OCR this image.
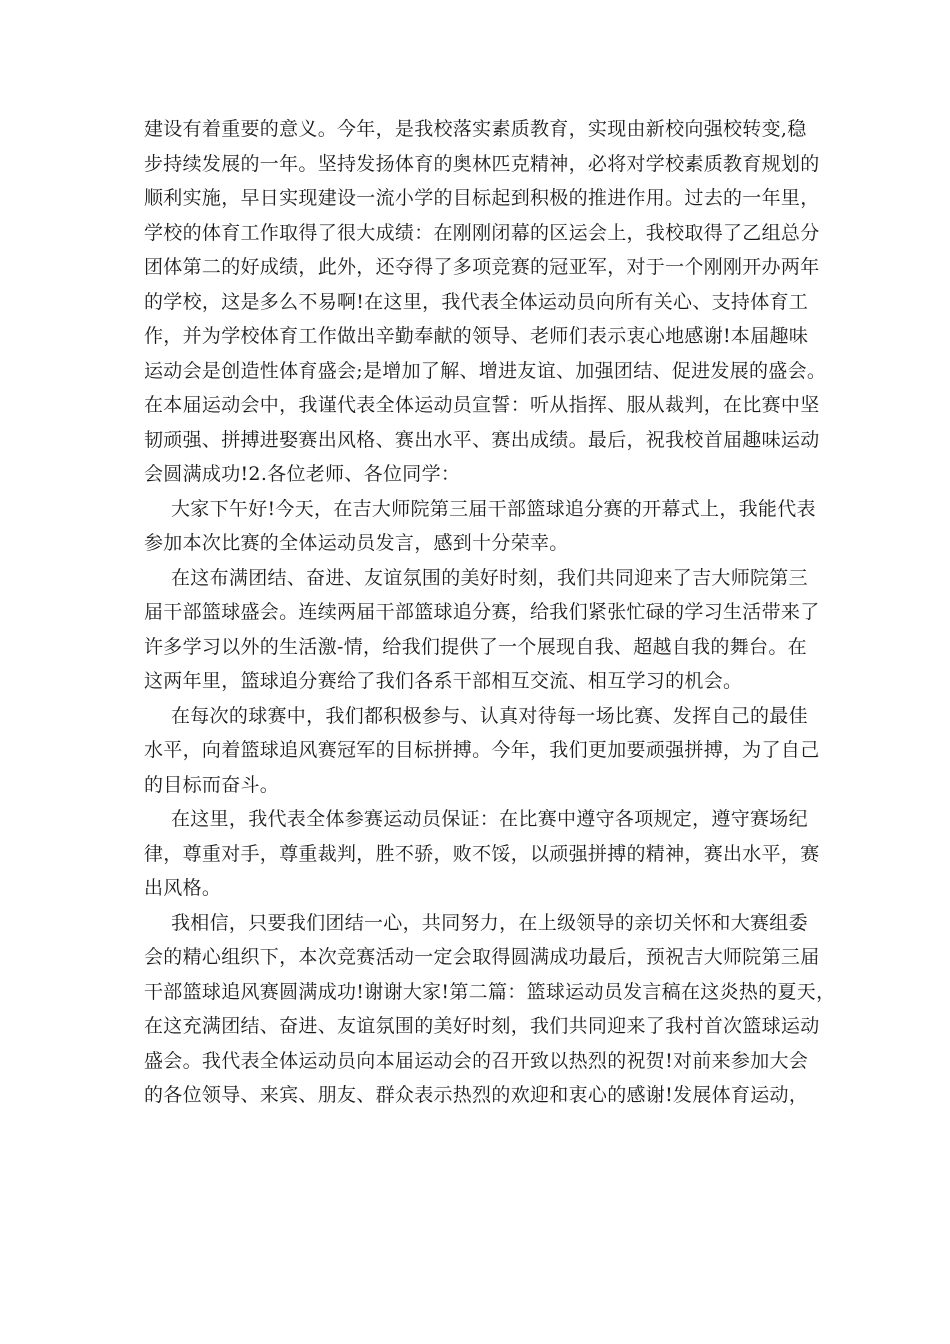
建设有着重要的意义。今年，是我校落实素质教育，实现由新校向强校转变,稳
步持续发展的一年。坚持发扬体育的奥林匹克精神，必将对学校素质教育规划的
顺利实施，早日实现建设一流小学的目标起到积极的推进作用。过去的一年里，
学校的体育工作取得了很大成绩：在刚刚闭幕的区运会上，我校取得了乙组总分
团体第二的好成绩，此外，还夺得了多项竞赛的冠亚军，对于一个刚刚开办两年
的学校，这是多么不易啊!在这里，我代表全体运动员向所有关心、支持体育工
作，并为学校体育工作做出辛勤奉献的领导、老师们表示衷心地感谢!本届趣味
运动会是创造性体育盛会;是增加了解、增进友谊、加强团结、促进发展的盛会。
在本届运动会中，我谨代表全体运动员宣誓：听从指挥、服从裁判，在比赛中坚
韧顽强、拼搏进娶赛出风格、赛出水平、赛出成绩。最后，祝我校首届趣味运动
会圆满成功!2.各位老师、各位同学：
大家下午好!今天，在吉大师院第三届干部篮球追分赛的开幕式上，我能代表
参加本次比赛的全体运动员发言，感到十分荣幸。
在这布满团结、奋进、友谊氛围的美好时刻，我们共同迎来了吉大师院第三
届干部篮球盛会。连续两届干部篮球追分赛，给我们紧张忙碌的学习生活带来了
许多学习以外的生活激-情，给我们提供了一个展现自我、超越自我的舞台。在
这两年里，篮球追分赛给了我们各系干部相互交流、相互学习的机会。
在每次的球赛中，我们都积极参与、认真对待每一场比赛、发挥自己的最佳
水平，向着篮球追风赛冠军的目标拼搏。今年，我们更加要顽强拼搏，为了自己
的目标而奋斗。
在这里，我代表全体参赛运动员保证：在比赛中遵守各项规定，遵守赛场纪
律，尊重对手，尊重裁判，胜不骄，败不馁，以顽强拼搏的精神，赛出水平，赛
出风格。
我相信，只要我们团结一心，共同努力，在上级领导的亲切关怀和大赛组委
会的精心组织下，本次竞赛活动一定会取得圆满成功最后，预祝吉大师院第三届
干部篮球追风赛圆满成功!谢谢大家!第二篇：篮球运动员发言稿在这炎热的夏天，
在这充满团结、奋进、友谊氛围的美好时刻，我们共同迎来了我村首次篮球运动
盛会。我代表全体运动员向本届运动会的召开致以热烈的祝贺!对前来参加大会
的各位领导、来宾、朋友、群众表示热烈的欢迎和衷心的感谢!发展体育运动，
